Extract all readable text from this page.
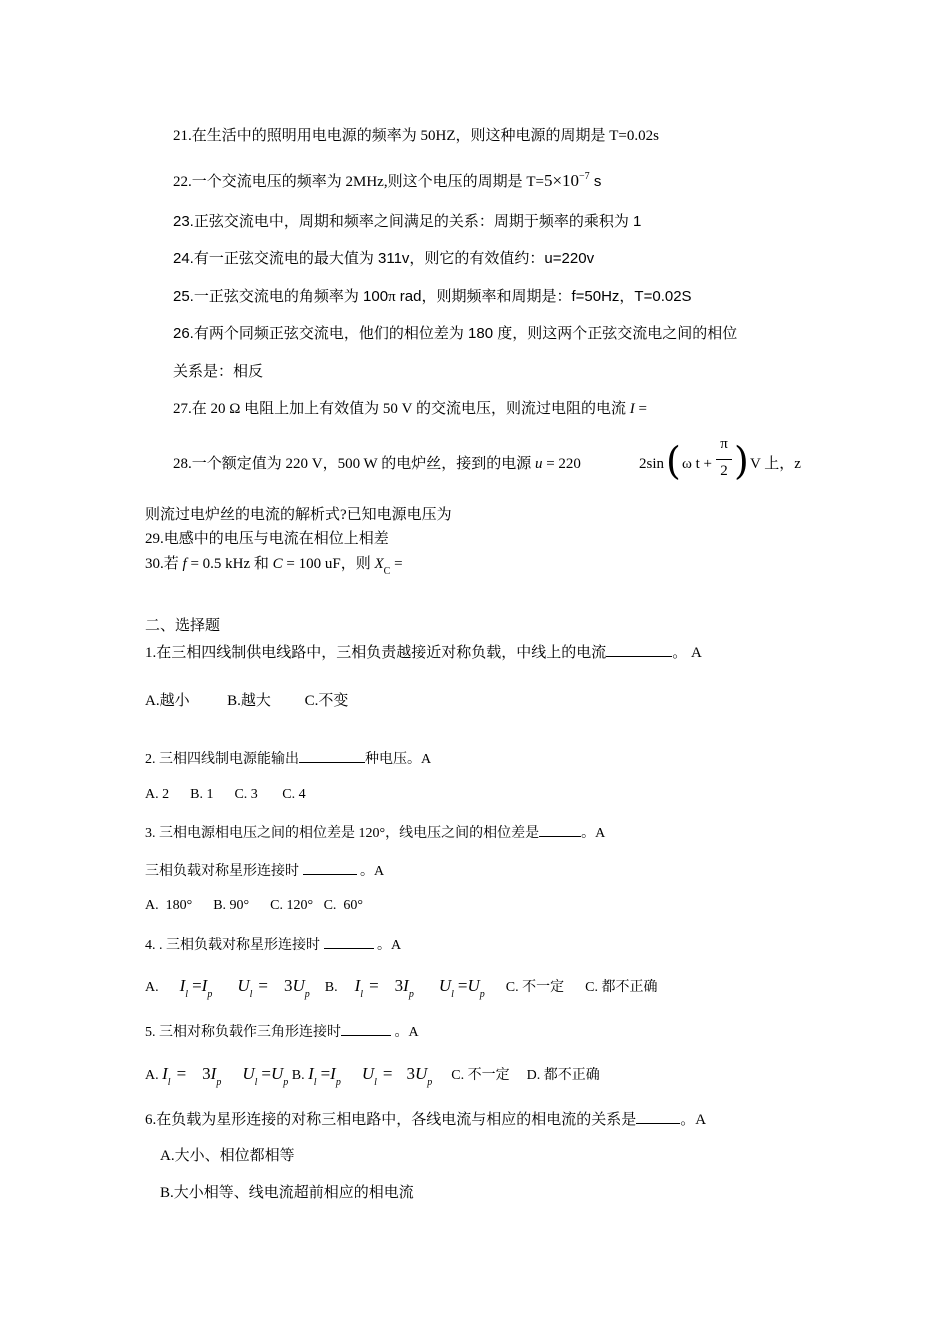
21.在生活中的照明用电电源的频率为 50HZ，则这种电源的周期是 T=0.02s
22.一个交流电压的频率为 2MHz,则这个电压的周期是 $T=5\times 10^{-7}$ s
23.正弦交流电中，周期和频率之间满足的关系：周期于频率的乘积为 1
24.有一正弦交流电的最大值为 311v，则它的有效值约：u=220v
25.一正弦交流电的角频率为 100π rad，则期频率和周期是：f=50Hz，T=0.02S
26.有两个同频正弦交流电，他们的相位差为 180 度，则这两个正弦交流电之间的相位
关系是：相反
27.在 20 Ω 电阻上加上有效值为 50 V 的交流电压，则流过电阻的电流 I =
28.一个额定值为 220 V，500 W 的电炉丝，接到的电源 u = 220	2sin ( ω t +
π
2 ) V 上，z
则流过电炉丝的电流的解析式?已知电源电压为
29.电感中的电压与电流在相位上相差
30.若 f = 0.5 kHz 和 C = 100 uF，则 $X_C$ =
二、选择题
1.在三相四线制供电线路中，三相负责越接近对称负载，中线上的电流	。 A
A.越小          B.越大         C.不变
2. 三相四线制电源能输出	种电压。A
A. 2      B. 1      C. 3       C. 4
3. 三相电源相电压之间的相位差是 120°，线电压之间的相位差是	。A
三相负载对称星形连接时	。A
A.  180°      B. 90°      C. 120°   C.  60°
4. . 三相负载对称星形连接时	。A
A. $I_l =I_p$ $U_l = 3U_p$ B. $I_l = 3I_p$ $U_l =U_p$ C. 不一定 C. 都不正确
5. 三相对称负载作三角形连接时	。A
A. $I_l = 3I_p$ $U_l =U_p$ B. $I_l =I_p$ $U_l = 3U_p$ C. 不一定 D. 都不正确
6.在负载为星形连接的对称三相电路中，各线电流与相应的相电流的关系是	。A
A.大小、相位都相等
B.大小相等、线电流超前相应的相电流
